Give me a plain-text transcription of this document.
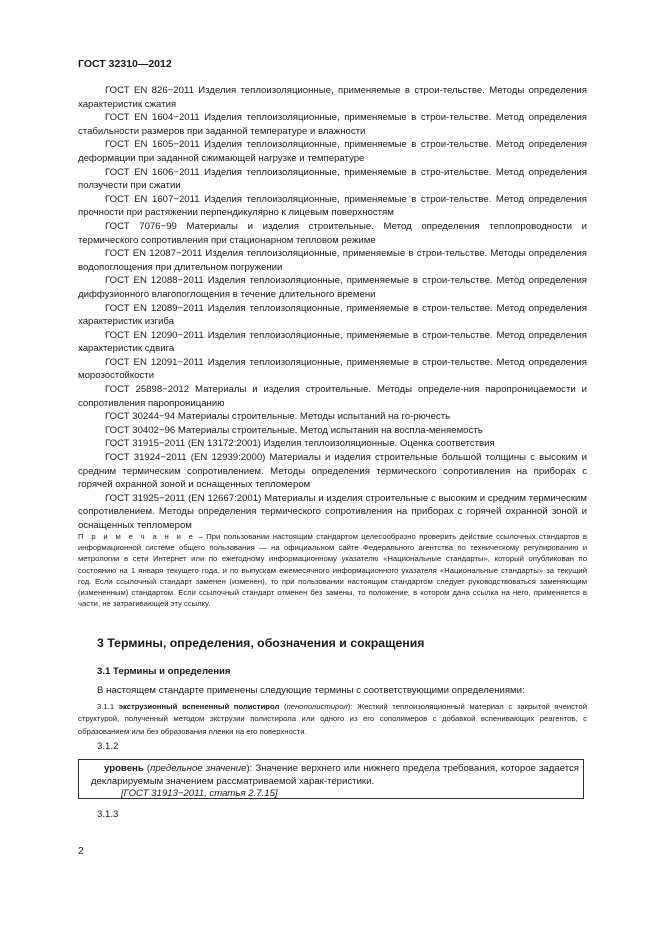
ГОСТ 32310—2012
ГОСТ EN 826−2011 Изделия теплоизоляционные, применяемые в строи-тельстве. Методы определения характеристик сжатия
ГОСТ EN 1604−2011 Изделия теплоизоляционные, применяемые в строи-тельстве. Метод определения стабильности размеров при заданной температуре и влажности
ГОСТ EN 1605−2011 Изделия теплоизоляционные, применяемые в строи-тельстве. Метод определения деформации при заданной сжимающей нагрузке и температуре
ГОСТ EN 1606−2011 Изделия теплоизоляционные, применяемые в стро-ительстве. Метод определения ползучести при сжатии
ГОСТ EN 1607−2011 Изделия теплоизоляционные, применяемые в строи-тельстве. Метод определения прочности при растяжении перпендикулярно к лицевым поверхностям
ГОСТ 7076−99 Материалы и изделия строительные. Метод определения теплопроводности и термического сопротивления при стационарном тепловом режиме
ГОСТ EN 12087−2011 Изделия теплоизоляционные, применяемые в строи-тельстве. Методы определения водопоглощения при длительном погружении
ГОСТ EN 12088−2011 Изделия теплоизоляционные, применяемые в строи-тельстве. Метод определения диффузионного влагопоглощения в течение длительного времени
ГОСТ EN 12089−2011 Изделия теплоизоляционные, применяемые в строи-тельстве. Метод определения характеристик изгиба
ГОСТ EN 12090−2011 Изделия теплоизоляционные, применяемые в строи-тельстве. Метод определения характеристик сдвига
ГОСТ EN 12091−2011 Изделия теплоизоляционные, применяемые в строи-тельстве. Метод определения морозостойкости
ГОСТ 25898−2012 Материалы и изделия строительные. Методы определе-ния паропроницаемости и сопротивления паропроницанию
ГОСТ 30244−94 Материалы строительные. Методы испытаний на го-рючесть
ГОСТ 30402−96 Материалы строительные. Метод испытания на воспла-меняемость
ГОСТ 31915−2011 (EN 13172:2001) Изделия теплоизоляционные. Оценка соответствия
ГОСТ 31924−2011 (EN 12939:2000) Материалы и изделия строительные большой толщины с высоким и средним термическим сопротивлением. Методы определения термического сопротивления на приборах с горячей охранной зоной и оснащенных тепломером
ГОСТ 31925−2011 (EN 12667:2001) Материалы и изделия строительные с высоким и средним термическим сопротивлением. Методы определения термического сопротивления на приборах с горячей охранной зоной и оснащенных тепломером
П р и м е ч а н и е – При пользовании настоящим стандартом целесообразно проверить действие ссылочных стандартов в информационной системе общего пользования — на официальном сайте Федерального агентства по техническому регулированию и метрологии в сети Интернет или по ежегодному информационному указателю «Национальные стандарты», который опубликован по состоянию на 1 января текущего года, и по выпускам ежемесячного информационного указателя «Национальные стандарты» за текущий год. Если ссылочный стандарт заменен (изменен), то при пользовании настоящим стандартом следует руководствоваться заменяющим (измененным) стандартом. Если ссылочный стандарт отменен без замены, то положение, в котором дана ссылка на него, применяется в части, не затрагивающей эту ссылку.
3 Термины, определения, обозначения и сокращения
3.1 Термины и определения
В настоящем стандарте применены следующие термины с соответствующими определениями:
3.1.1 экструзионный вспененный полистирол (пенополистирол): Жесткий теплоизоляционный материал с закрытой ячеистой структурой, полученный методом экструзии полистирола или одного из его сополимеров с добавкой вспенивающих реагентов, с образованием или без образования пленки на его поверхности.
3.1.2
уровень (предельное значение): Значение верхнего или нижнего предела требования, которое задается декларируемым значением рассматриваемой харак-теристики.
[ГОСТ 31913−2011, статья 2.7.15]
3.1.3
2
